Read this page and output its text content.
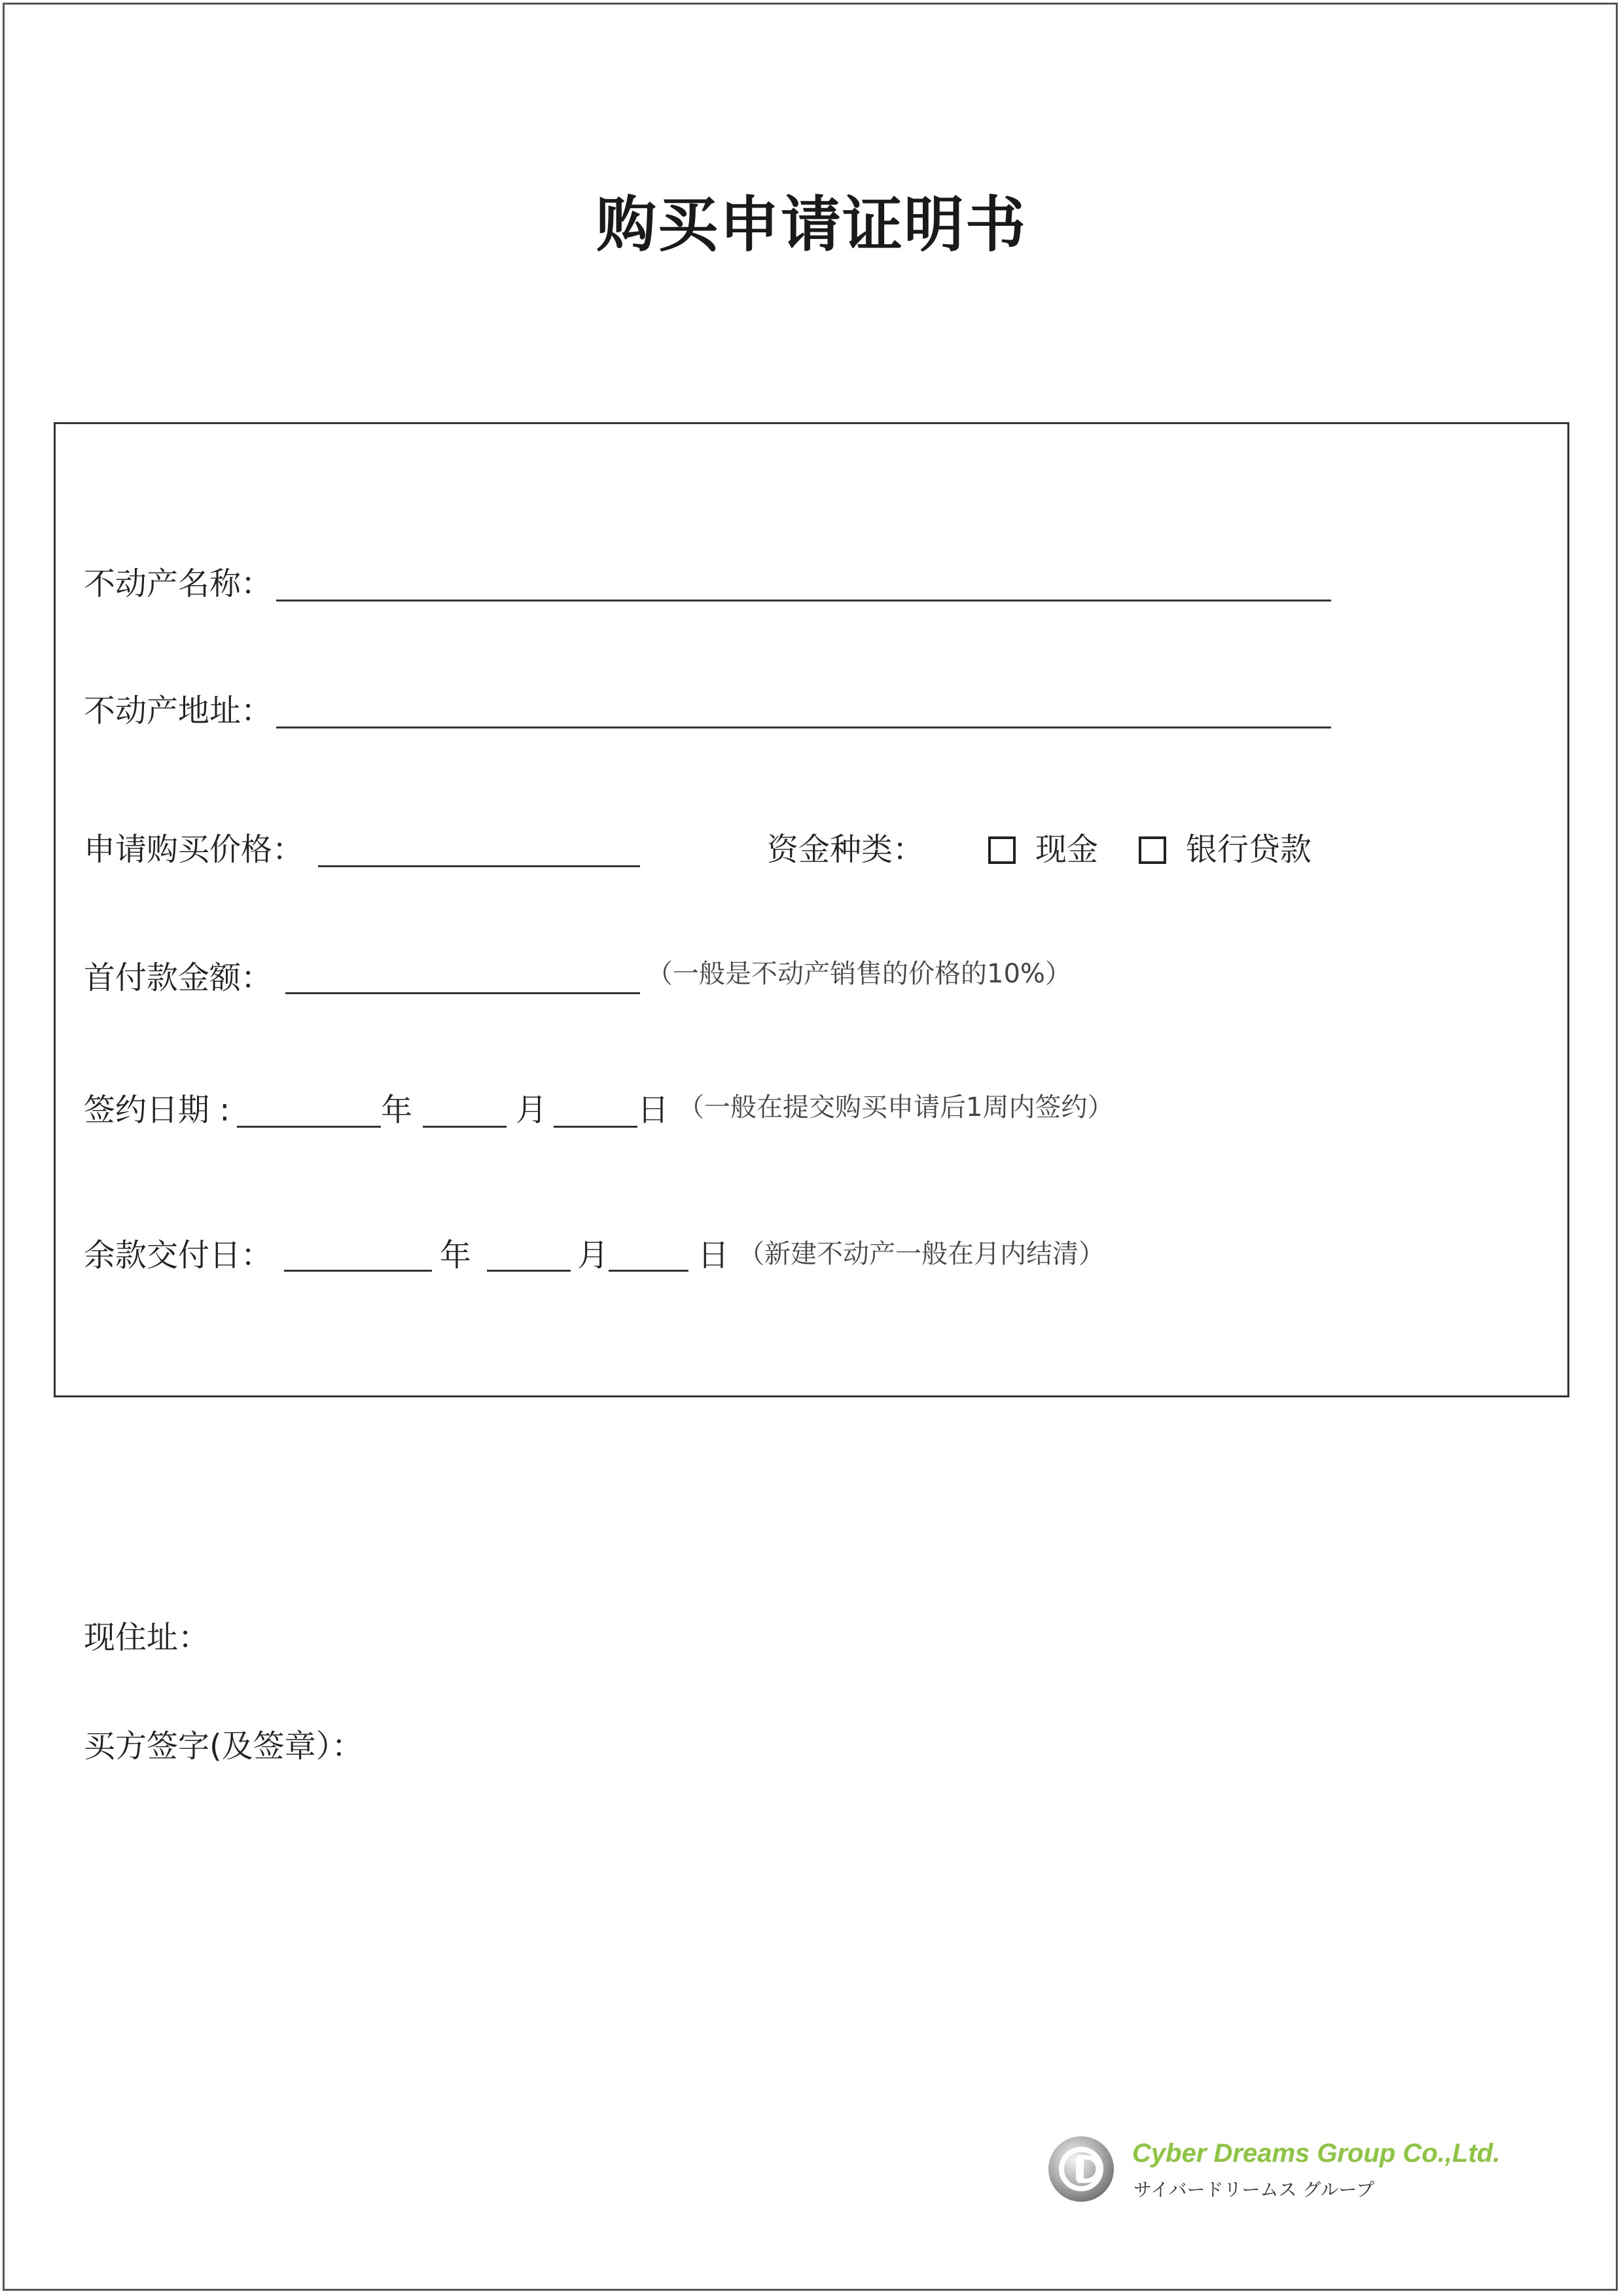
购买申请证明书
不动产名称：
不动产地址：
申请购买价格：	资金种类：	现金	银行贷款
首付款金额：	（一般是不动产销售的价格的10%）
签约日期 :	年	月	日 （一般在提交购买申请后1周内签约）
余款交付日：	年	月	日 （新建不动产一般在月内结清）
现住址：
买方签字(及签章）：
Cyber Dreams Group Co.,Ltd.
サイバードリームス グループ
